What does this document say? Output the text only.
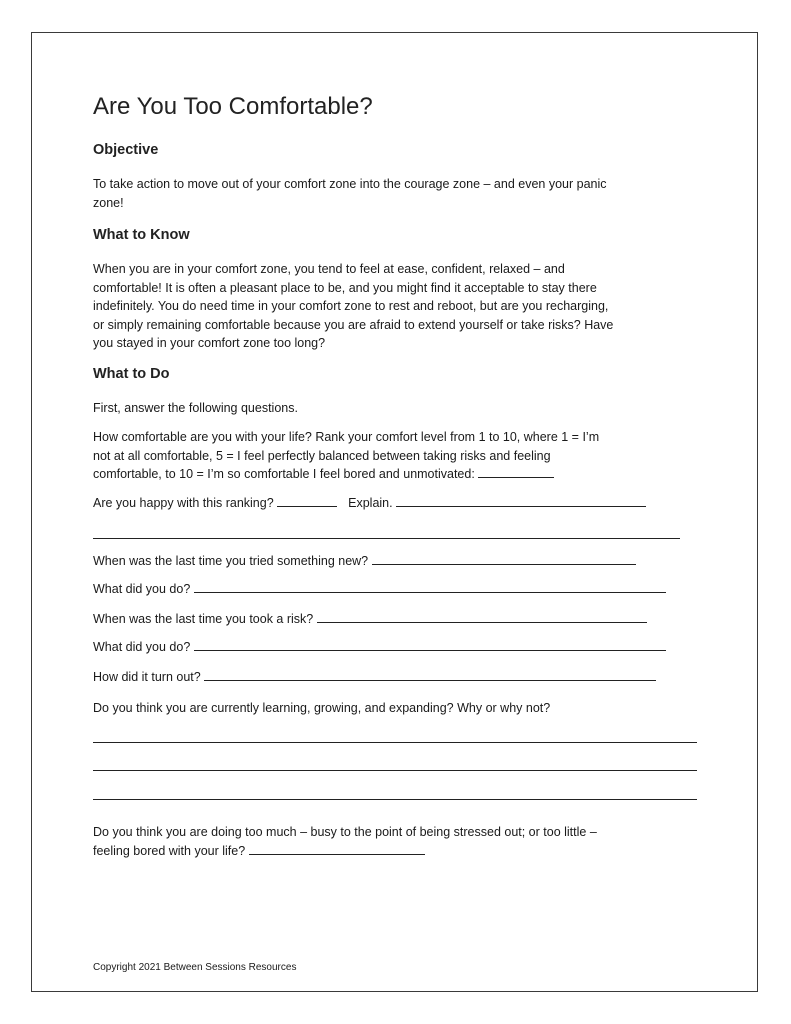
Are You Too Comfortable?
Objective
To take action to move out of your comfort zone into the courage zone – and even your panic
zone!
What to Know
When you are in your comfort zone, you tend to feel at ease, confident, relaxed – and
comfortable! It is often a pleasant place to be, and you might find it acceptable to stay there
indefinitely. You do need time in your comfort zone to rest and reboot, but are you recharging,
or simply remaining comfortable because you are afraid to extend yourself or take risks? Have
you stayed in your comfort zone too long?
What to Do
First, answer the following questions.
How comfortable are you with your life? Rank your comfort level from 1 to 10, where 1 = I’m
not at all comfortable, 5 = I feel perfectly balanced between taking risks and feeling
comfortable, to 10 = I’m so comfortable I feel bored and unmotivated:
Are you happy with this ranking?	Explain.
When was the last time you tried something new?
What did you do?
When was the last time you took a risk?
What did you do?
How did it turn out?
Do you think you are currently learning, growing, and expanding? Why or why not?
Do you think you are doing too much – busy to the point of being stressed out; or too little –
feeling bored with your life?
Copyright 2021 Between Sessions Resources
